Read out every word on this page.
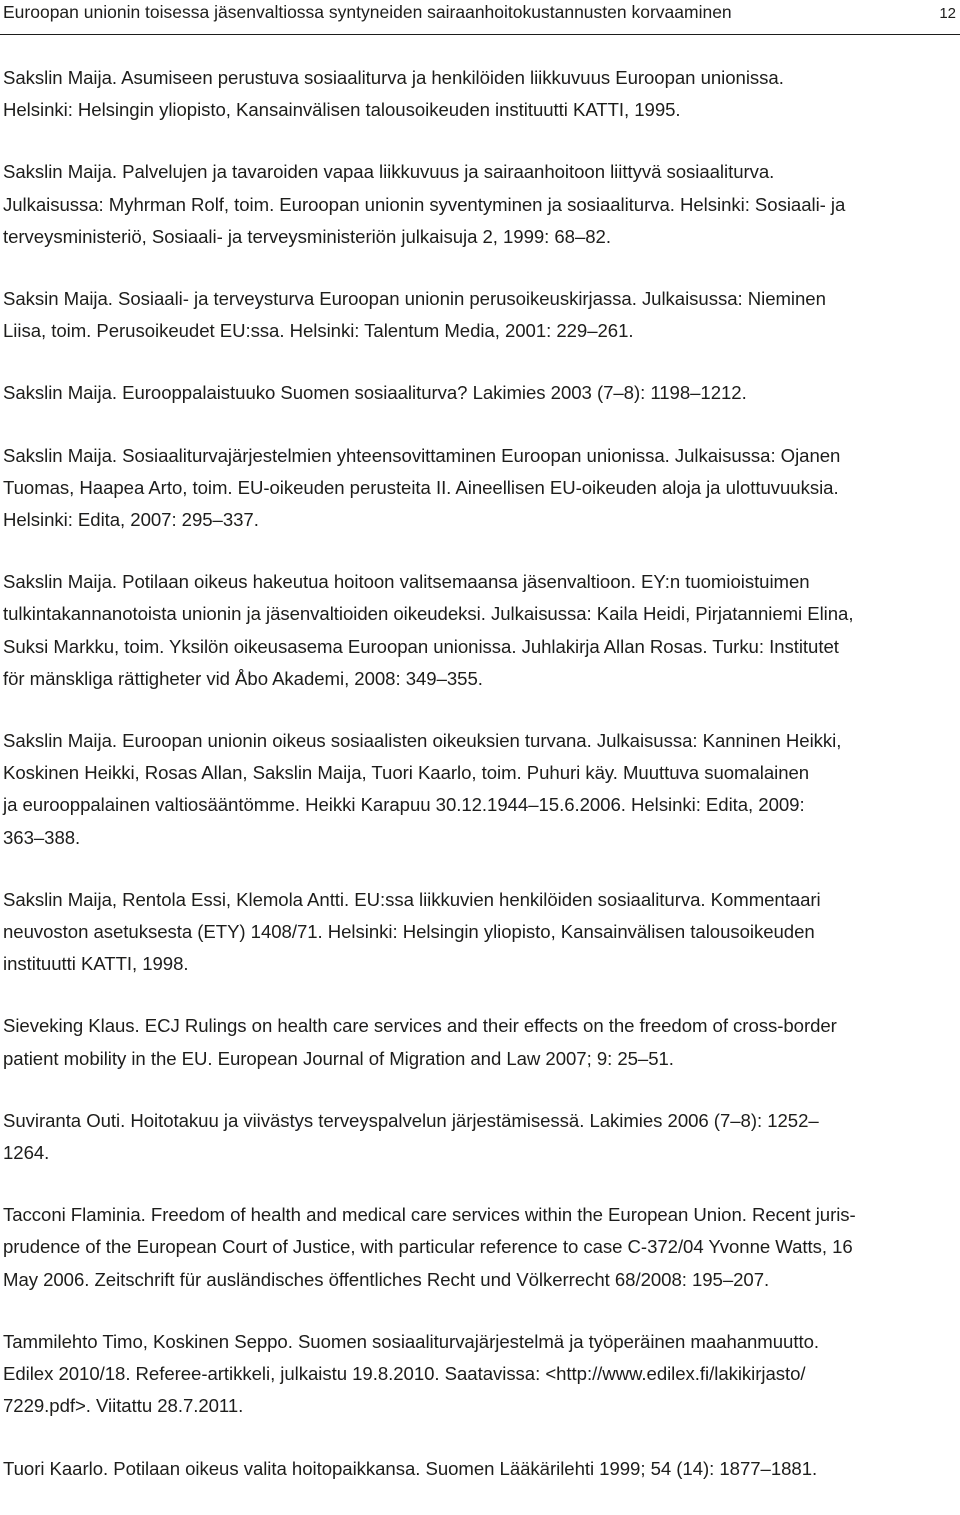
Euroopan unionin toisessa jäsenvaltiossa syntyneiden sairaanhoitokustannusten korvaaminen	12
Sakslin Maija. Asumiseen perustuva sosiaaliturva ja henkilöiden liikkuvuus Euroopan unionissa.
Helsinki: Helsingin yliopisto, Kansainvälisen talousoikeuden instituutti KATTI, 1995.
Sakslin Maija. Palvelujen ja tavaroiden vapaa liikkuvuus ja sairaanhoitoon liittyvä sosiaaliturva.
Julkaisussa: Myhrman Rolf, toim. Euroopan unionin syventyminen ja sosiaaliturva. Helsinki: Sosiaali- ja
terveysministeriö, Sosiaali- ja terveysministeriön julkaisuja 2, 1999: 68–82.
Saksin Maija. Sosiaali- ja terveysturva Euroopan unionin perusoikeuskirjassa. Julkaisussa: Nieminen
Liisa, toim. Perusoikeudet EU:ssa. Helsinki: Talentum Media, 2001: 229–261.
Sakslin Maija. Eurooppalaistuuko Suomen sosiaaliturva? Lakimies 2003 (7–8): 1198–1212.
Sakslin Maija. Sosiaaliturvajärjestelmien yhteensovittaminen Euroopan unionissa. Julkaisussa: Ojanen
Tuomas, Haapea Arto, toim. EU-oikeuden perusteita II. Aineellisen EU-oikeuden aloja ja ulottuvuuksia.
Helsinki: Edita, 2007: 295–337.
Sakslin Maija. Potilaan oikeus hakeutua hoitoon valitsemaansa jäsenvaltioon. EY:n tuomioistuimen
tulkintakannanotoista unionin ja jäsenvaltioiden oikeudeksi. Julkaisussa: Kaila Heidi, Pirjatanniemi Elina,
Suksi Markku, toim. Yksilön oikeusasema Euroopan unionissa. Juhlakirja Allan Rosas. Turku: Institutet
för mänskliga rättigheter vid Åbo Akademi, 2008: 349–355.
Sakslin Maija. Euroopan unionin oikeus sosiaalisten oikeuksien turvana. Julkaisussa: Kanninen Heikki,
Koskinen Heikki, Rosas Allan, Sakslin Maija, Tuori Kaarlo, toim. Puhuri käy. Muuttuva suomalainen
ja eurooppalainen valtiosääntömme. Heikki Karapuu 30.12.1944–15.6.2006. Helsinki: Edita, 2009:
363–388.
Sakslin Maija, Rentola Essi, Klemola Antti. EU:ssa liikkuvien henkilöiden sosiaaliturva. Kommentaari
neuvoston asetuksesta (ETY) 1408/71. Helsinki: Helsingin yliopisto, Kansainvälisen talousoikeuden
instituutti KATTI, 1998.
Sieveking Klaus. ECJ Rulings on health care services and their effects on the freedom of cross-border
patient mobility in the EU. European Journal of Migration and Law 2007; 9: 25–51.
Suviranta Outi. Hoitotakuu ja viivästys terveyspalvelun järjestämisessä. Lakimies 2006 (7–8): 1252–
1264.
Tacconi Flaminia. Freedom of health and medical care services within the European Union. Recent juris-
prudence of the European Court of Justice, with particular reference to case C-372/04 Yvonne Watts, 16
May 2006. Zeitschrift für ausländisches öffentliches Recht und Völkerrecht 68/2008: 195–207.
Tammilehto Timo, Koskinen Seppo. Suomen sosiaaliturvajärjestelmä ja työperäinen maahanmuutto.
Edilex 2010/18. Referee-artikkeli, julkaistu 19.8.2010. Saatavissa: <http://www.edilex.fi/lakikirjasto/
7229.pdf>. Viitattu 28.7.2011.
Tuori Kaarlo. Potilaan oikeus valita hoitopaikkansa. Suomen Lääkärilehti 1999; 54 (14): 1877–1881.
